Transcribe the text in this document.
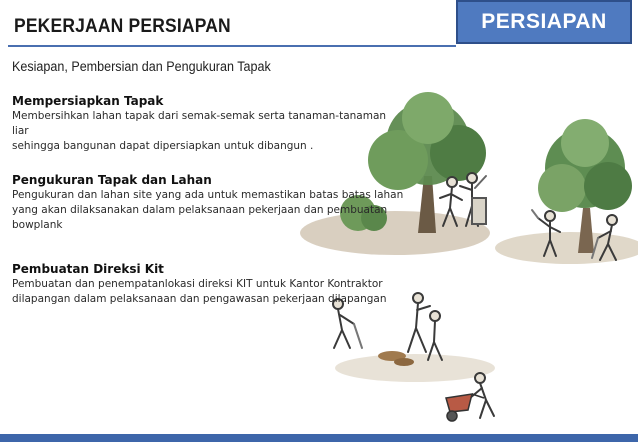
PEKERJAAN PERSIAPAN	PERSIAPAN
Kesiapan, Pembersian dan Pengukuran Tapak
Mempersiapkan Tapak

Membersihkan lahan tapak dari semak-semak serta tanaman-tanaman
liar
sehingga bangunan dapat dipersiapkan untuk dibangun .

Pengukuran Tapak dan Lahan

Pengukuran dan lahan site yang ada untuk memastikan batas batas lahan
yang akan dilaksanakan dalam pelaksanaan pekerjaan dan pembuatan
bowplank

Pembuatan Direksi Kit

Pembuatan dan penempatanlokasi direksi KIT untuk Kantor Kontraktor
dilapangan dalam pelaksanaan dan pengawasan pekerjaan dilapangan
